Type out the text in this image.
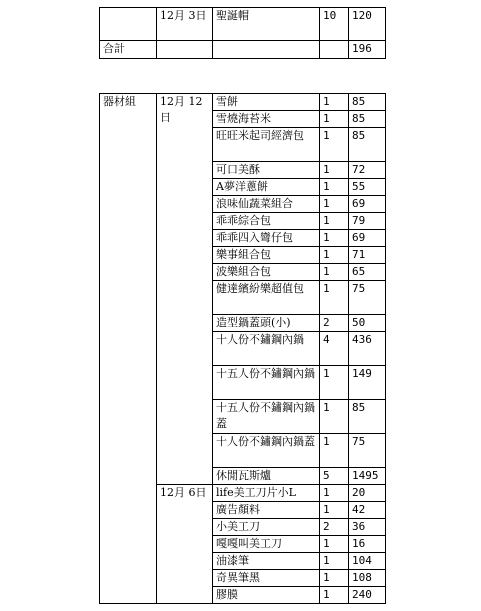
	12月 3日	聖誕帽	10	120
合計				196
器材組	12月 12日	雪餅	1	85
		雪燒海苔米	1	85
		旺旺米起司經濟包	1	85
		可口美酥	1	72
		A夢洋蔥餅	1	55
		浪味仙蔬菜組合	1	69
		乖乖綜合包	1	79
		乖乖四入彎仔包	1	69
		樂事組合包	1	71
		波樂組合包	1	65
		健達繽紛樂超值包	1	75
		造型鍋蓋頭(小)	2	50
		十人份不鏽鋼內鍋	4	436
		十五人份不鏽鋼內鍋	1	149
		十五人份不鏽鋼內鍋蓋	1	85
		十人份不鏽鋼內鍋蓋	1	75
		休閒瓦斯爐	5	1495
	12月 6日	life美工刀片小L	1	20
		廣告顏料	1	42
		小美工刀	2	36
		嘎嘎叫美工刀	1	16
		油漆筆	1	104
		奇異筆黑	1	108
		膠膜	1	240
